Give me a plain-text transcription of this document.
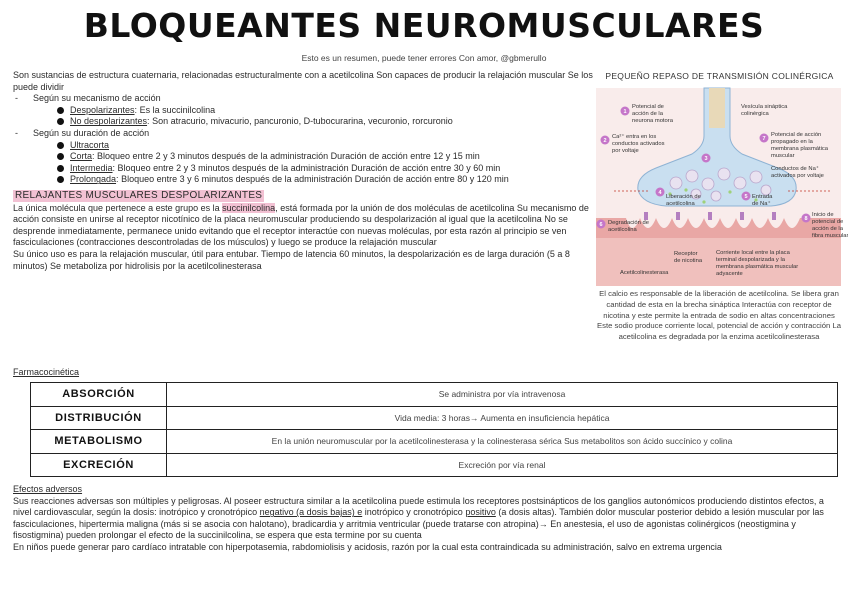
BLOQUEANTES NEUROMUSCULARES
Esto es un resumen, puede tener errores Con amor, @gbmerullo

Son sustancias de estructura cuaternaria, relacionadas estructuralmente con a acetilcolina Son capaces de producir la relajación muscular Se los puede dividir

- Según su mecanismo de acción
Despolarizantes: Es la succinilcolina
No despolarizantes: Son atracurio, mivacurio, pancuronio, D-tubocurarina, vecuronio, rorcuronio
- Según su duración de acción
Ultracorta
Corta: Bloqueo entre 2 y 3 minutos después de la administración Duración de acción entre 12 y 15 min
Intermedia: Bloqueo entre 2 y 3 minutos después de la administración Duración de acción entre 30 y 60 min
Prolongada: Bloqueo entre 3 y 6 minutos después de la administración Duración de acción entre 80 y 120 min
RELAJANTES MUSCULARES DESPOLARIZANTES

La única molécula que pertenece a este grupo es la succinilcolina, está formada por la unión de dos moléculas de acetilcolina Su mecanismo de acción consiste en unirse al receptor nicotínico de la placa neuromuscular produciendo su despolarización al igual que la acetilcolina No se desprende inmediatamente, permanece unido evitando que el receptor interactúe con nuevas moléculas, por esta razón al principio se ven fasciculaciones (contracciones descontroladas de los músculos) y luego se produce la relajación muscular

Su único uso es para la relajación muscular, útil para entubar. Tiempo de latencia 60 minutos, la despolarización es de larga duración (5 a 8 minutos) Se metaboliza por hidrolisis por la acetilcolinesterasa

PEQUEÑO REPASO DE TRANSMISIÓN COLINÉRGICA
1
2
4
5
3
6
7
8
Potencial de acción de la neurona motora
Ca²⁺ entra en los conductos activados por voltaje
Vesícula sináptica colinérgica
Liberación de acetilcolina
Entrada de Na⁺
Degradación de acetilcolina
Receptor de nicotina
Acetilcolinesterasa
Corriente local entre la placa terminal despolarizada y la membrana plasmática muscular adyacente
Potencial de acción propagado en la membrana plasmática muscular
Conductos de Na⁺ activados por voltaje
Inicio de potencial de acción de la fibra muscular
El calcio es responsable de la liberación de acetilcolina. Se libera gran cantidad de esta en la brecha sináptica Interactúa con receptor de nicotina y este permite la entrada de sodio en altas concentraciones Este sodio produce corriente local, potencial de acción y contracción La acetilcolina es degradada por la enzima acetilcolinesterasa
Farmacocinética
ABSORCIÓN	Se administra por vía intravenosa
DISTRIBUCIÓN	Vida media: 3 horas→ Aumenta en insuficiencia hepática
METABOLISMO	En la unión neuromuscular por la acetilcolinesterasa y la colinesterasa sérica Sus metabolitos son ácido succínico y colina
EXCRECIÓN	Excreción por vía renal

Efectos adversos

Sus reacciones adversas son múltiples y peligrosas. Al poseer estructura similar a la acetilcolina puede estimula los receptores postsinápticos de los ganglios autonómicos produciendo distintos efectos, a nivel cardiovascular, según la dosis: inotrópico y cronotrópico negativo (a dosis bajas) e inotrópico y cronotrópico positivo (a dosis altas). También dolor muscular posterior debido a lesión muscular por las fasciculaciones, hipertermia maligna (más si se asocia con halotano), bradicardia y arritmia ventricular (puede tratarse con atropina)→ En anestesia, el uso de agonistas colinérgicos (neostigmina y fisostigmina) pueden prolongar el efecto de la succinilcolina, se espera que esta termine por su cuenta

En niños puede generar paro cardíaco intratable con hiperpotasemia, rabdomiolisis y acidosis, razón por la cual esta contraindicada su administración, salvo en extrema urgencia
